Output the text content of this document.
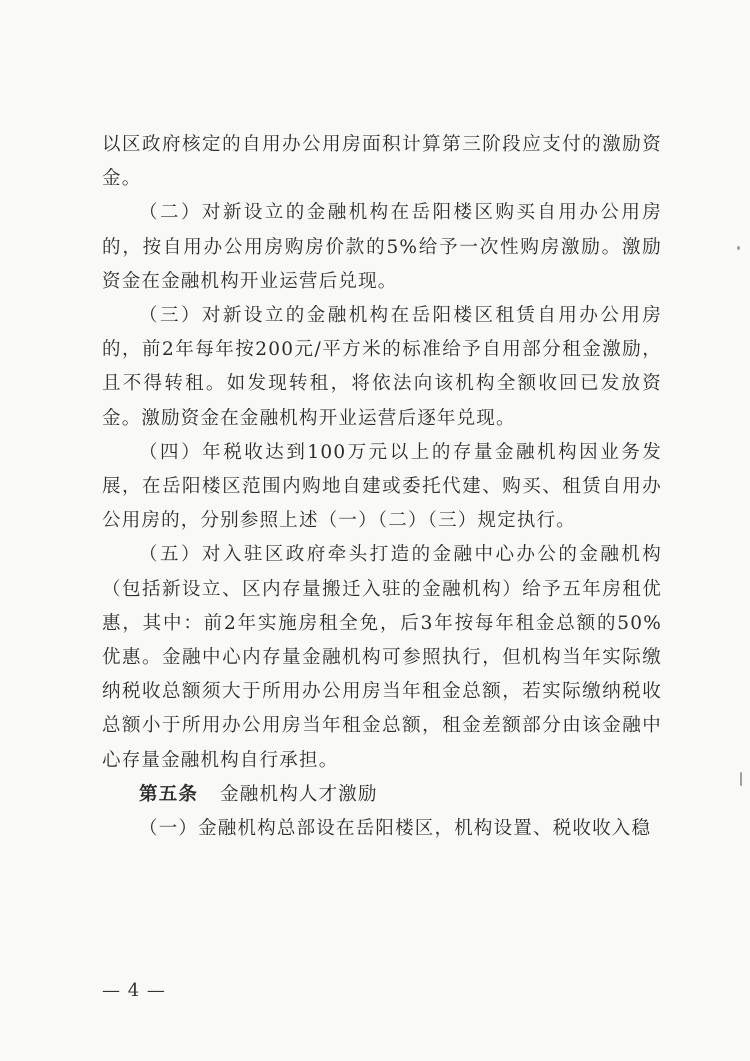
以区政府核定的自用办公用房面积计算第三阶段应支付的激励资金。

（二）对新设立的金融机构在岳阳楼区购买自用办公用房的，按自用办公用房购房价款的5%给予一次性购房激励。激励资金在金融机构开业运营后兑现。

（三）对新设立的金融机构在岳阳楼区租赁自用办公用房的，前2年每年按200元/平方米的标准给予自用部分租金激励，且不得转租。如发现转租，将依法向该机构全额收回已发放资金。激励资金在金融机构开业运营后逐年兑现。

（四）年税收达到100万元以上的存量金融机构因业务发展，在岳阳楼区范围内购地自建或委托代建、购买、租赁自用办公用房的，分别参照上述（一）（二）（三）规定执行。

（五）对入驻区政府牵头打造的金融中心办公的金融机构（包括新设立、区内存量搬迁入驻的金融机构）给予五年房租优惠，其中：前2年实施房租全免，后3年按每年租金总额的50%优惠。金融中心内存量金融机构可参照执行，但机构当年实际缴纳税收总额须大于所用办公用房当年租金总额，若实际缴纳税收总额小于所用办公用房当年租金总额，租金差额部分由该金融中心存量金融机构自行承担。

第五条 金融机构人才激励

（一）金融机构总部设在岳阳楼区，机构设置、税收收入稳

— 4 —
